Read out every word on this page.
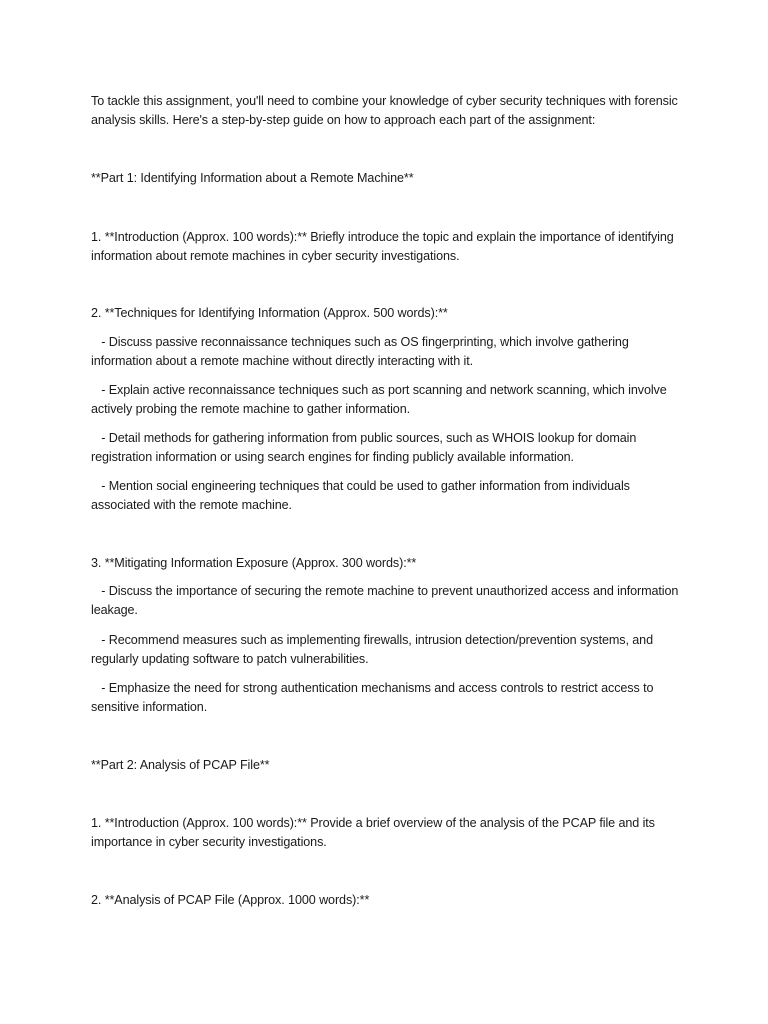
To tackle this assignment, you'll need to combine your knowledge of cyber security techniques with forensic analysis skills. Here's a step-by-step guide on how to approach each part of the assignment:

**Part 1: Identifying Information about a Remote Machine**

1. **Introduction (Approx. 100 words):** Briefly introduce the topic and explain the importance of identifying information about remote machines in cyber security investigations.

2. **Techniques for Identifying Information (Approx. 500 words):**

- Discuss passive reconnaissance techniques such as OS fingerprinting, which involve gathering information about a remote machine without directly interacting with it.

- Explain active reconnaissance techniques such as port scanning and network scanning, which involve actively probing the remote machine to gather information.

- Detail methods for gathering information from public sources, such as WHOIS lookup for domain registration information or using search engines for finding publicly available information.

- Mention social engineering techniques that could be used to gather information from individuals associated with the remote machine.

3. **Mitigating Information Exposure (Approx. 300 words):**

- Discuss the importance of securing the remote machine to prevent unauthorized access and information leakage.

- Recommend measures such as implementing firewalls, intrusion detection/prevention systems, and regularly updating software to patch vulnerabilities.

- Emphasize the need for strong authentication mechanisms and access controls to restrict access to sensitive information.

**Part 2: Analysis of PCAP File**

1. **Introduction (Approx. 100 words):** Provide a brief overview of the analysis of the PCAP file and its importance in cyber security investigations.

2. **Analysis of PCAP File (Approx. 1000 words):**
